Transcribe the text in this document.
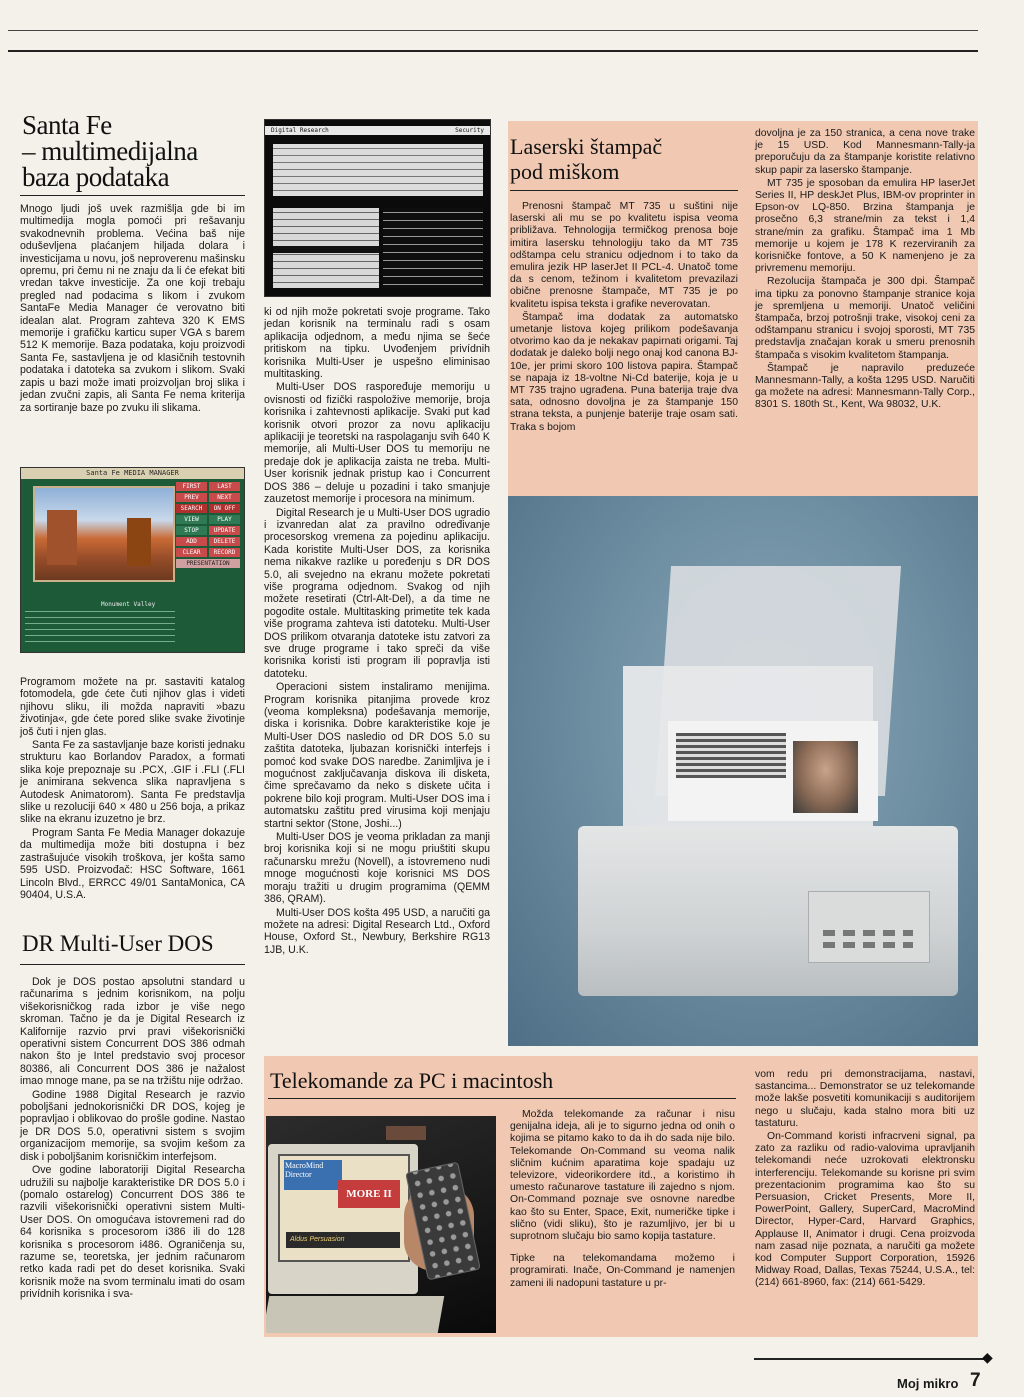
Santa Fe
– multimedijalna
baza podataka

Mnogo ljudi još uvek razmišlja gde bi im multimedija mogla pomoći pri rešavanju svakodnevnih problema. Većina baš nije oduševljena plaćanjem hiljada dolara i investicijama u novu, još neproverenu mašinsku opremu, pri čemu ni ne znaju da li će efekat biti vredan takve investicije. Za one koji trebaju pregled nad podacima s likom i zvukom SantaFe Media Manager će verovatno biti idealan alat. Program zahteva 320 K EMS memorije i grafičku karticu super VGA s barem 512 K memorije. Baza podataka, koju proizvodi Santa Fe, sastavljena je od klasičnih testovnih podataka i datoteka sa zvukom i slikom. Svaki zapis u bazi može imati proizvoljan broj slika i jedan zvučni zapis, ali Santa Fe nema kriterija za sortiranje baze po zvuku ili slikama.

Santa Fe MEDIA MANAGER
FIRST	LAST
PREV	NEXT
SEARCH	ON OFF
VIEW	PLAY
STOP	UPDATE
ADD	DELETE
CLEAR	RECORD
PRESENTATION
Monument Valley

Programom možete na pr. sastaviti katalog fotomodela, gde ćete čuti njihov glas i videti njihovu sliku, ili možda napraviti »bazu životinja«, gde ćete pored slike svake životinje još čuti i njen glas.

Santa Fe za sastavljanje baze koristi jednaku strukturu kao Borlandov Paradox, a formati slika koje prepoznaje su .PCX, .GIF i .FLI (.FLI je animirana sekvenca slika napravljena s Autodesk Animatorom). Santa Fe predstavlja slike u rezoluciji 640 × 480 u 256 boja, a prikaz slike na ekranu izuzetno je brz.

Program Santa Fe Media Manager dokazuje da multimedija može biti dostupna i bez zastrašujuće visokih troškova, jer košta samo 595 USD. Proizvođač: HSC Software, 1661 Lincoln Blvd., ERRCC 49/01 SantaMonica, CA 90404, U.S.A.

DR Multi-User DOS

Dok je DOS postao apsolutni standard u računarima s jednim korisnikom, na polju višekorisničkog rada izbor je više nego skroman. Tačno je da je Digital Research iz Kalifornije razvio prvi pravi višekorisnički operativni sistem Concurrent DOS 386 odmah nakon što je Intel predstavio svoj procesor 80386, ali Concurrent DOS 386 je nažalost imao mnoge mane, pa se na tržištu nije održao.

Godine 1988 Digital Research je razvio poboljšani jednokorisnički DR DOS, kojeg je popravljao i oblikovao do prošle godine. Nastao je DR DOS 5.0, operativni sistem s svojim organizacijom memorije, sa svojim kešom za disk i poboljšanim korisničkim interfejsom.

Ove godine laboratoriji Digital Researcha udružili su najbolje karakteristike DR DOS 5.0 i (pomalo ostarelog) Concurrent DOS 386 te razvili višekorisnički operativni sistem Multi-User DOS. On omogućava istovremeni rad do 64 korisnika s procesorom i386 ili do 128 korisnika s procesorom i486. Ograničenja su, razume se, teoretska, jer jednim računarom retko kada radi pet do deset korisnika. Svaki korisnik može na svom terminalu imati do osam privídnih korisnika i sva-

Digital Research	Security

ki od njih može pokretati svoje programe. Tako jedan korisnik na terminalu radi s osam aplikacija odjednom, a među njima se šeće pritiskom na tipku. Uvođenjem privídnih korisnika Multi-User je uspešno eliminisao multitasking.

Multi-User DOS raspoređuje memoriju u ovisnosti od fizički raspoložive memorije, broja korisnika i zahtevnosti aplikacije. Svaki put kad korisnik otvori prozor za novu aplikaciju aplikaciji je teoretski na raspolaganju svih 640 K memorije, ali Multi-User DOS tu memoriju ne predaje dok je aplikacija zaista ne treba. Multi-User korisnik jednak pristup kao i Concurrent DOS 386 – deluje u pozadini i tako smanjuje zauzetost memorije i procesora na minimum.

Digital Research je u Multi-User DOS ugradio i izvanredan alat za pravilno određivanje procesorskog vremena za pojedinu aplikaciju. Kada koristite Multi-User DOS, za korisnika nema nikakve razlike u poređenju s DR DOS 5.0, ali svejedno na ekranu možete pokretati više programa odjednom. Svakog od njih možete resetirati (Ctrl-Alt-Del), a da time ne pogodite ostale. Multitasking primetite tek kada više programa zahteva isti datoteku. Multi-User DOS prilikom otvaranja datoteke istu zatvori za sve druge programe i tako spreči da više korisnika koristi isti program ili popravlja isti datoteku.

Operacioni sistem instaliramo menijima. Program korisnika pitanjima provede kroz (veoma kompleksna) podešavanja memorije, diska i korisnika. Dobre karakteristike koje je Multi-User DOS nasledio od DR DOS 5.0 su zaštita datoteka, ljubazan korisnički interfejs i pomoć kod svake DOS naredbe. Zanimljiva je i mogućnost zaključavanja diskova ili disketa, čime sprečavamo da neko s diskete učita i pokrene bilo koji program. Multi-User DOS ima i automatsku zaštitu pred virusima koji menjaju startni sektor (Stone, Joshi...)

Multi-User DOS je veoma prikladan za manji broj korisnika koji si ne mogu priuštiti skupu računarsku mrežu (Novell), a istovremeno nudi mnoge mogućnosti koje korisnici MS DOS moraju tražiti u drugim programima (QEMM 386, QRAM).

Multi-User DOS košta 495 USD, a naručiti ga možete na adresi: Digital Research Ltd., Oxford House, Oxford St., Newbury, Berkshire RG13 1JB, U.K.

Laserski štampač
pod miškom

Prenosni štampač MT 735 u suštini nije laserski ali mu se po kvalitetu ispisa veoma približava. Tehnologija termičkog prenosa boje imitira lasersku tehnologiju tako da MT 735 odštampa celu stranicu odjednom i to tako da emulira jezik HP laserJet II PCL-4. Unatoč tome da s cenom, težinom i kvalitetom prevazilazi obične prenosne štampače, MT 735 je po kvalitetu ispisa teksta i grafike neverovatan.

Štampač ima dodatak za automatsko umetanje listova kojeg prilikom podešavanja otvorimo kao da je nekakav papirnati origami. Taj dodatak je daleko bolji nego onaj kod canona BJ-10e, jer primi skoro 100 listova papira. Štampač se napaja iz 18-voltne Ni-Cd baterije, koja je u MT 735 trajno ugrađena. Puna baterija traje dva sata, odnosno dovoljna je za štampanje 150 strana teksta, a punjenje baterije traje osam sati. Traka s bojom

dovoljna je za 150 stranica, a cena nove trake je 15 USD. Kod Mannesmann-Tally-ja preporučuju da za štampanje koristite relativno skup papir za lasersko štampanje.

MT 735 je sposoban da emulira HP laserJet Series II, HP deskJet Plus, IBM-ov proprinter in Epson-ov LQ-850. Brzina štampanja je prosečno 6,3 strane/min za tekst i 1,4 strane/min za grafiku. Štampač ima 1 Mb memorije u kojem je 178 K rezerviranih za korisničke fontove, a 50 K namenjeno je za privremenu memoriju.

Rezolucija štampača je 300 dpi. Štampač ima tipku za ponovno štampanje stranice koja je spremljena u memoriji. Unatoč veličini štampača, brzoj potrošnji trake, visokoj ceni za odštampanu stranicu i svojoj sporosti, MT 735 predstavlja značajan korak u smeru prenosnih štampača s visokim kvalitetom štampanja.

Štampač je napravilo preduzeće Mannesmann-Tally, a košta 1295 USD. Naručiti ga možete na adresi: Mannesmann-Tally Corp., 8301 S. 180th St., Kent, Wa 98032, U.K.

Telekomande za PC i macintosh
MacroMind Director
MORE II
Aldus Persuasion

Možda telekomande za računar i nisu genijalna ideja, ali je to sigurno jedna od onih o kojima se pitamo kako to da ih do sada nije bilo. Telekomande On-Command su veoma nalik sličnim kućnim aparatima koje spadaju uz televizore, videorikordere itd., a koristimo ih umesto računarove tastature ili zajedno s njom. On-Command poznaje sve osnovne naredbe kao što su Enter, Space, Exit, numeričke tipke i slično (vidi sliku), što je razumljivo, jer bi u suprotnom slučaju bio samo kopija tastature.

Tipke na telekomandama možemo i programirati. Inače, On-Command je namenjen zameni ili nadopuni tastature u pr-

vom redu pri demonstracijama, nastavi, sastancima... Demonstrator se uz telekomande može lakše posvetiti komunikaciji s auditorijem nego u slučaju, kada stalno mora biti uz tastaturu.

On-Command koristi infracrveni signal, pa zato za razliku od radio-valovima upravljanih telekomandi neće uzrokovati elektronsku interferenciju. Telekomande su korisne pri svim prezentacionim programima kao što su Persuasion, Cricket Presents, More II, PowerPoint, Gallery, SuperCard, MacroMind Director, Hyper-Card, Harvard Graphics, Applause II, Animator i drugi. Cena proizvoda nam zasad nije poznata, a naručiti ga možete kod Computer Support Corporation, 15926 Midway Road, Dallas, Texas 75244, U.S.A., tel: (214) 661-8960, fax: (214) 661-5429.

◆
Moj mikro 7
